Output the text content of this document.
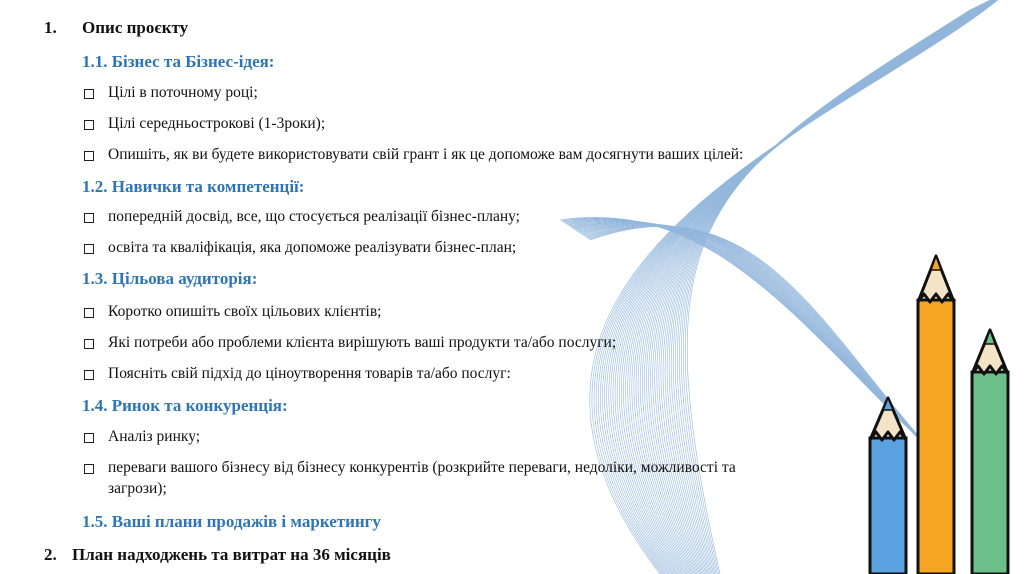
1. Опис проєкту
1.1. Бізнес та Бізнес-ідея:
Цілі в поточному році;
Цілі середньострокові (1-3роки);
Опишіть, як ви будете використовувати свій грант і як це допоможе вам досягнути ваших цілей:
1.2. Навички та компетенції:
попередній досвід, все, що стосується реалізації бізнес-плану;
освіта та кваліфікація, яка допоможе реалізувати бізнес-план;
1.3. Цільова аудиторія:
Коротко опишіть своїх цільових клієнтів;
Які потреби або проблеми клієнта вирішують ваші продукти та/або послуги;
Поясніть свій підхід до ціноутворення товарів та/або послуг:
1.4. Ринок та конкуренція:
Аналіз ринку;
переваги вашого бізнесу від бізнесу конкурентів (розкрийте переваги, недоліки, можливості та
загрози);
1.5. Ваші плани продажів і маркетингу
2. План надходжень та витрат на 36 місяців
